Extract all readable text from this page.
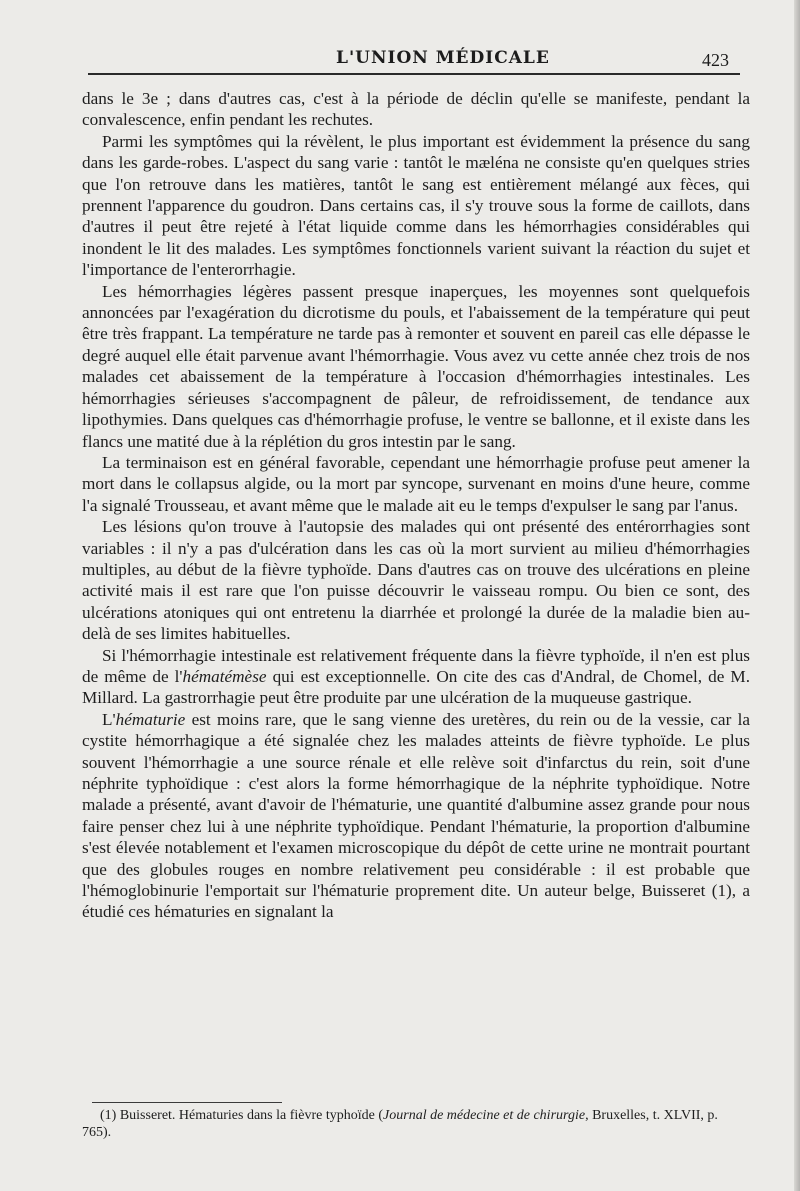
L'UNION MÉDICALE	423

dans le 3e ; dans d'autres cas, c'est à la période de déclin qu'elle se manifeste, pendant la convalescence, enfin pendant les rechutes.

Parmi les symptômes qui la révèlent, le plus important est évidemment la présence du sang dans les garde-robes. L'aspect du sang varie : tantôt le mæléna ne consiste qu'en quelques stries que l'on retrouve dans les matières, tantôt le sang est entièrement mélangé aux fèces, qui prennent l'apparence du goudron. Dans certains cas, il s'y trouve sous la forme de caillots, dans d'autres il peut être rejeté à l'état liquide comme dans les hémorrhagies considérables qui inondent le lit des malades. Les symptômes fonctionnels varient suivant la réaction du sujet et l'importance de l'enterorrhagie.

Les hémorrhagies légères passent presque inaperçues, les moyennes sont quelquefois annoncées par l'exagération du dicrotisme du pouls, et l'abaissement de la température qui peut être très frappant. La température ne tarde pas à remonter et souvent en pareil cas elle dépasse le degré auquel elle était parvenue avant l'hémorrhagie. Vous avez vu cette année chez trois de nos malades cet abaissement de la température à l'occasion d'hémorrhagies intestinales. Les hémorrhagies sérieuses s'accompagnent de pâleur, de refroidissement, de tendance aux lipothymies. Dans quelques cas d'hémorrhagie profuse, le ventre se ballonne, et il existe dans les flancs une matité due à la réplétion du gros intestin par le sang.

La terminaison est en général favorable, cependant une hémorrhagie profuse peut amener la mort dans le collapsus algide, ou la mort par syncope, survenant en moins d'une heure, comme l'a signalé Trousseau, et avant même que le malade ait eu le temps d'expulser le sang par l'anus.

Les lésions qu'on trouve à l'autopsie des malades qui ont présenté des entérorrhagies sont variables : il n'y a pas d'ulcération dans les cas où la mort survient au milieu d'hémorrhagies multiples, au début de la fièvre typhoïde. Dans d'autres cas on trouve des ulcérations en pleine activité mais il est rare que l'on puisse découvrir le vaisseau rompu. Ou bien ce sont, des ulcérations atoniques qui ont entretenu la diarrhée et prolongé la durée de la maladie bien au-delà de ses limites habituelles.

Si l'hémorrhagie intestinale est relativement fréquente dans la fièvre typhoïde, il n'en est plus de même de l'hématémèse qui est exceptionnelle. On cite des cas d'Andral, de Chomel, de M. Millard. La gastrorrhagie peut être produite par une ulcération de la muqueuse gastrique.

L'hématurie est moins rare, que le sang vienne des uretères, du rein ou de la vessie, car la cystite hémorrhagique a été signalée chez les malades atteints de fièvre typhoïde. Le plus souvent l'hémorrhagie a une source rénale et elle relève soit d'infarctus du rein, soit d'une néphrite typhoïdique : c'est alors la forme hémorrhagique de la néphrite typhoïdique. Notre malade a présenté, avant d'avoir de l'hématurie, une quantité d'albumine assez grande pour nous faire penser chez lui à une néphrite typhoïdique. Pendant l'hématurie, la proportion d'albumine s'est élevée notablement et l'examen microscopique du dépôt de cette urine ne montrait pourtant que des globules rouges en nombre relativement peu considérable : il est probable que l'hémoglobinurie l'emportait sur l'hématurie proprement dite. Un auteur belge, Buisseret (1), a étudié ces hématuries en signalant la

(1) Buisseret. Hématuries dans la fièvre typhoïde (Journal de médecine et de chirurgie, Bruxelles, t. XLVII, p. 765).
